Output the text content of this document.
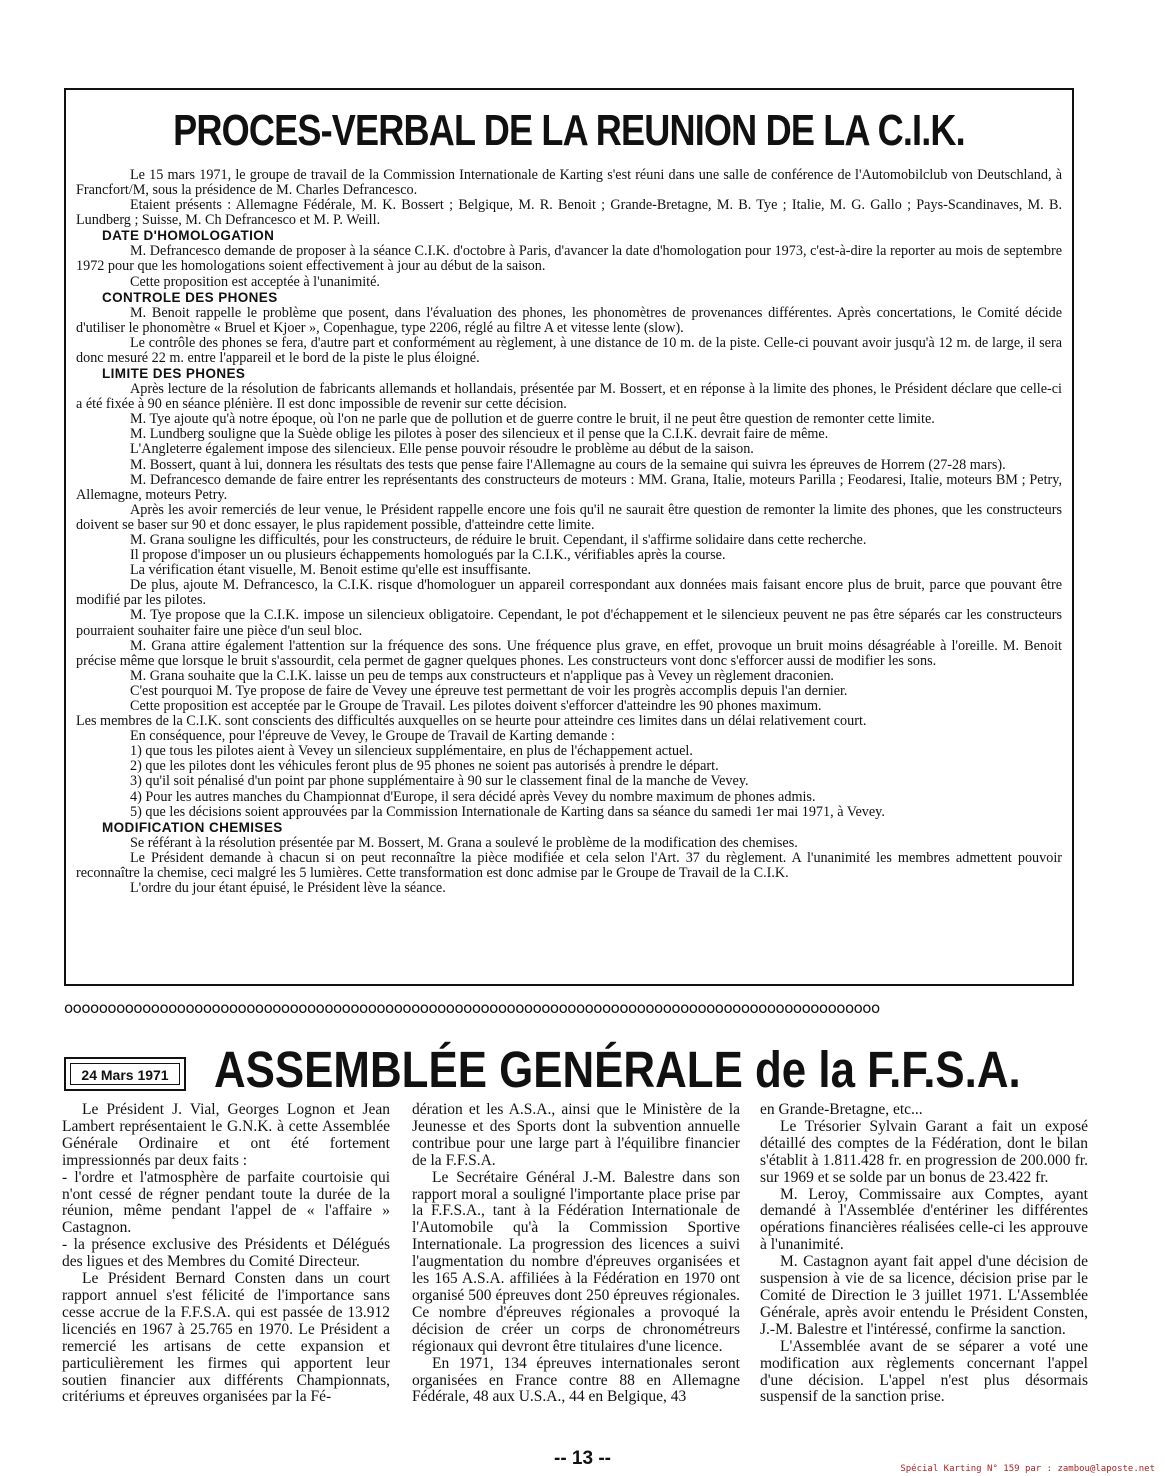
PROCES-VERBAL DE LA REUNION DE LA C.I.K.

Le 15 mars 1971, le groupe de travail de la Commission Internationale de Karting s'est réuni dans une salle de conférence de l'Automobilclub von Deutschland, à Francfort/M, sous la présidence de M. Charles Defrancesco.

Etaient présents : Allemagne Fédérale, M. K. Bossert ; Belgique, M. R. Benoit ; Grande-Bretagne, M. B. Tye ; Italie, M. G. Gallo ; Pays-Scandinaves, M. B. Lundberg ; Suisse, M. Ch Defrancesco et M. P. Weill.

DATE D'HOMOLOGATION

M. Defrancesco demande de proposer à la séance C.I.K. d'octobre à Paris, d'avancer la date d'homologation pour 1973, c'est-à-dire la reporter au mois de septembre 1972 pour que les homologations soient effectivement à jour au début de la saison.

Cette proposition est acceptée à l'unanimité.

CONTROLE DES PHONES

M. Benoit rappelle le problème que posent, dans l'évaluation des phones, les phonomètres de provenances différentes. Après concertations, le Comité décide d'utiliser le phonomètre « Bruel et Kjoer », Copenhague, type 2206, réglé au filtre A et vitesse lente (slow).

Le contrôle des phones se fera, d'autre part et conformément au règlement, à une distance de 10 m. de la piste. Celle-ci pouvant avoir jusqu'à 12 m. de large, il sera donc mesuré 22 m. entre l'appareil et le bord de la piste le plus éloigné.

LIMITE DES PHONES

Après lecture de la résolution de fabricants allemands et hollandais, présentée par M. Bossert, et en réponse à la limite des phones, le Président déclare que celle-ci a été fixée à 90 en séance plénière. Il est donc impossible de revenir sur cette décision.

M. Tye ajoute qu'à notre époque, où l'on ne parle que de pollution et de guerre contre le bruit, il ne peut être question de remonter cette limite.

M. Lundberg souligne que la Suède oblige les pilotes à poser des silencieux et il pense que la C.I.K. devrait faire de même.

L'Angleterre également impose des silencieux. Elle pense pouvoir résoudre le problème au début de la saison.

M. Bossert, quant à lui, donnera les résultats des tests que pense faire l'Allemagne au cours de la semaine qui suivra les épreuves de Horrem (27-28 mars).

M. Defrancesco demande de faire entrer les représentants des constructeurs de moteurs : MM. Grana, Italie, moteurs Parilla ; Feodaresi, Italie, moteurs BM ; Petry, Allemagne, moteurs Petry.

Après les avoir remerciés de leur venue, le Président rappelle encore une fois qu'il ne saurait être question de remonter la limite des phones, que les constructeurs doivent se baser sur 90 et donc essayer, le plus rapidement possible, d'atteindre cette limite.

M. Grana souligne les difficultés, pour les constructeurs, de réduire le bruit. Cependant, il s'affirme solidaire dans cette recherche.

Il propose d'imposer un ou plusieurs échappements homologués par la C.I.K., vérifiables après la course.

La vérification étant visuelle, M. Benoit estime qu'elle est insuffisante.

De plus, ajoute M. Defrancesco, la C.I.K. risque d'homologuer un appareil correspondant aux données mais faisant encore plus de bruit, parce que pouvant être modifié par les pilotes.

M. Tye propose que la C.I.K. impose un silencieux obligatoire. Cependant, le pot d'échappement et le silencieux peuvent ne pas être séparés car les constructeurs pourraient souhaiter faire une pièce d'un seul bloc.

M. Grana attire également l'attention sur la fréquence des sons. Une fréquence plus grave, en effet, provoque un bruit moins désagréable à l'oreille. M. Benoit précise même que lorsque le bruit s'assourdit, cela permet de gagner quelques phones. Les constructeurs vont donc s'efforcer aussi de modifier les sons.

M. Grana souhaite que la C.I.K. laisse un peu de temps aux constructeurs et n'applique pas à Vevey un règlement draconien.

C'est pourquoi M. Tye propose de faire de Vevey une épreuve test permettant de voir les progrès accomplis depuis l'an dernier.

Cette proposition est acceptée par le Groupe de Travail. Les pilotes doivent s'efforcer d'atteindre les 90 phones maximum.

Les membres de la C.I.K. sont conscients des difficultés auxquelles on se heurte pour atteindre ces limites dans un délai relativement court.

En conséquence, pour l'épreuve de Vevey, le Groupe de Travail de Karting demande :

1) que tous les pilotes aient à Vevey un silencieux supplémentaire, en plus de l'échappement actuel.

2) que les pilotes dont les véhicules feront plus de 95 phones ne soient pas autorisés à prendre le départ.

3) qu'il soit pénalisé d'un point par phone supplémentaire à 90 sur le classement final de la manche de Vevey.

4) Pour les autres manches du Championnat d'Europe, il sera décidé après Vevey du nombre maximum de phones admis.

5) que les décisions soient approuvées par la Commission Internationale de Karting dans sa séance du samedi 1er mai 1971, à Vevey.

MODIFICATION CHEMISES

Se référant à la résolution présentée par M. Bossert, M. Grana a soulevé le problème de la modification des chemises.

Le Président demande à chacun si on peut reconnaître la pièce modifiée et cela selon l'Art. 37 du règlement. A l'unanimité les membres admettent pouvoir reconnaître la chemise, ceci malgré les 5 lumières. Cette transformation est donc admise par le Groupe de Travail de la C.I.K.

L'ordre du jour étant épuisé, le Président lève la séance.

oooooooooooooooooooooooooooooooooooooooooooooooooooooooooooooooooooooooooooooooooooooooooooooo
24 Mars 1971 ASSEMBLÉE GENÉRALE de la F.F.S.A.

Le Président J. Vial, Georges Lognon et Jean Lambert représentaient le G.N.K. à cette Assemblée Générale Ordinaire et ont été fortement impressionnés par deux faits :

- l'ordre et l'atmosphère de parfaite courtoisie qui n'ont cessé de régner pendant toute la durée de la réunion, même pendant l'appel de « l'affaire » Castagnon.

- la présence exclusive des Présidents et Délégués des ligues et des Membres du Comité Directeur.

Le Président Bernard Consten dans un court rapport annuel s'est félicité de l'importance sans cesse accrue de la F.F.S.A. qui est passée de 13.912 licenciés en 1967 à 25.765 en 1970. Le Président a remercié les artisans de cette expansion et particulièrement les firmes qui apportent leur soutien financier aux différents Championnats, critériums et épreuves organisées par la Fé-

dération et les A.S.A., ainsi que le Ministère de la Jeunesse et des Sports dont la subvention annuelle contribue pour une large part à l'équilibre financier de la F.F.S.A.

Le Secrétaire Général J.-M. Balestre dans son rapport moral a souligné l'importante place prise par la F.F.S.A., tant à la Fédération Internationale de l'Automobile qu'à la Commission Sportive Internationale. La progression des licences a suivi l'augmentation du nombre d'épreuves organisées et les 165 A.S.A. affiliées à la Fédération en 1970 ont organisé 500 épreuves dont 250 épreuves régionales. Ce nombre d'épreuves régionales a provoqué la décision de créer un corps de chronométreurs régionaux qui devront être titulaires d'une licence.

En 1971, 134 épreuves internationales seront organisées en France contre 88 en Allemagne Fédérale, 48 aux U.S.A., 44 en Belgique, 43

en Grande-Bretagne, etc...

Le Trésorier Sylvain Garant a fait un exposé détaillé des comptes de la Fédération, dont le bilan s'établit à 1.811.428 fr. en progression de 200.000 fr. sur 1969 et se solde par un bonus de 23.422 fr.

M. Leroy, Commissaire aux Comptes, ayant demandé à l'Assemblée d'entériner les différentes opérations financières réalisées celle-ci les approuve à l'unanimité.

M. Castagnon ayant fait appel d'une décision de suspension à vie de sa licence, décision prise par le Comité de Direction le 3 juillet 1971. L'Assemblée Générale, après avoir entendu le Président Consten, J.-M. Balestre et l'intéressé, confirme la sanction.

L'Assemblée avant de se séparer a voté une modification aux règlements concernant l'appel d'une décision. L'appel n'est plus désormais suspensif de la sanction prise.

-- 13 --	Spécial Karting N° 159 par : zambou@laposte.net
